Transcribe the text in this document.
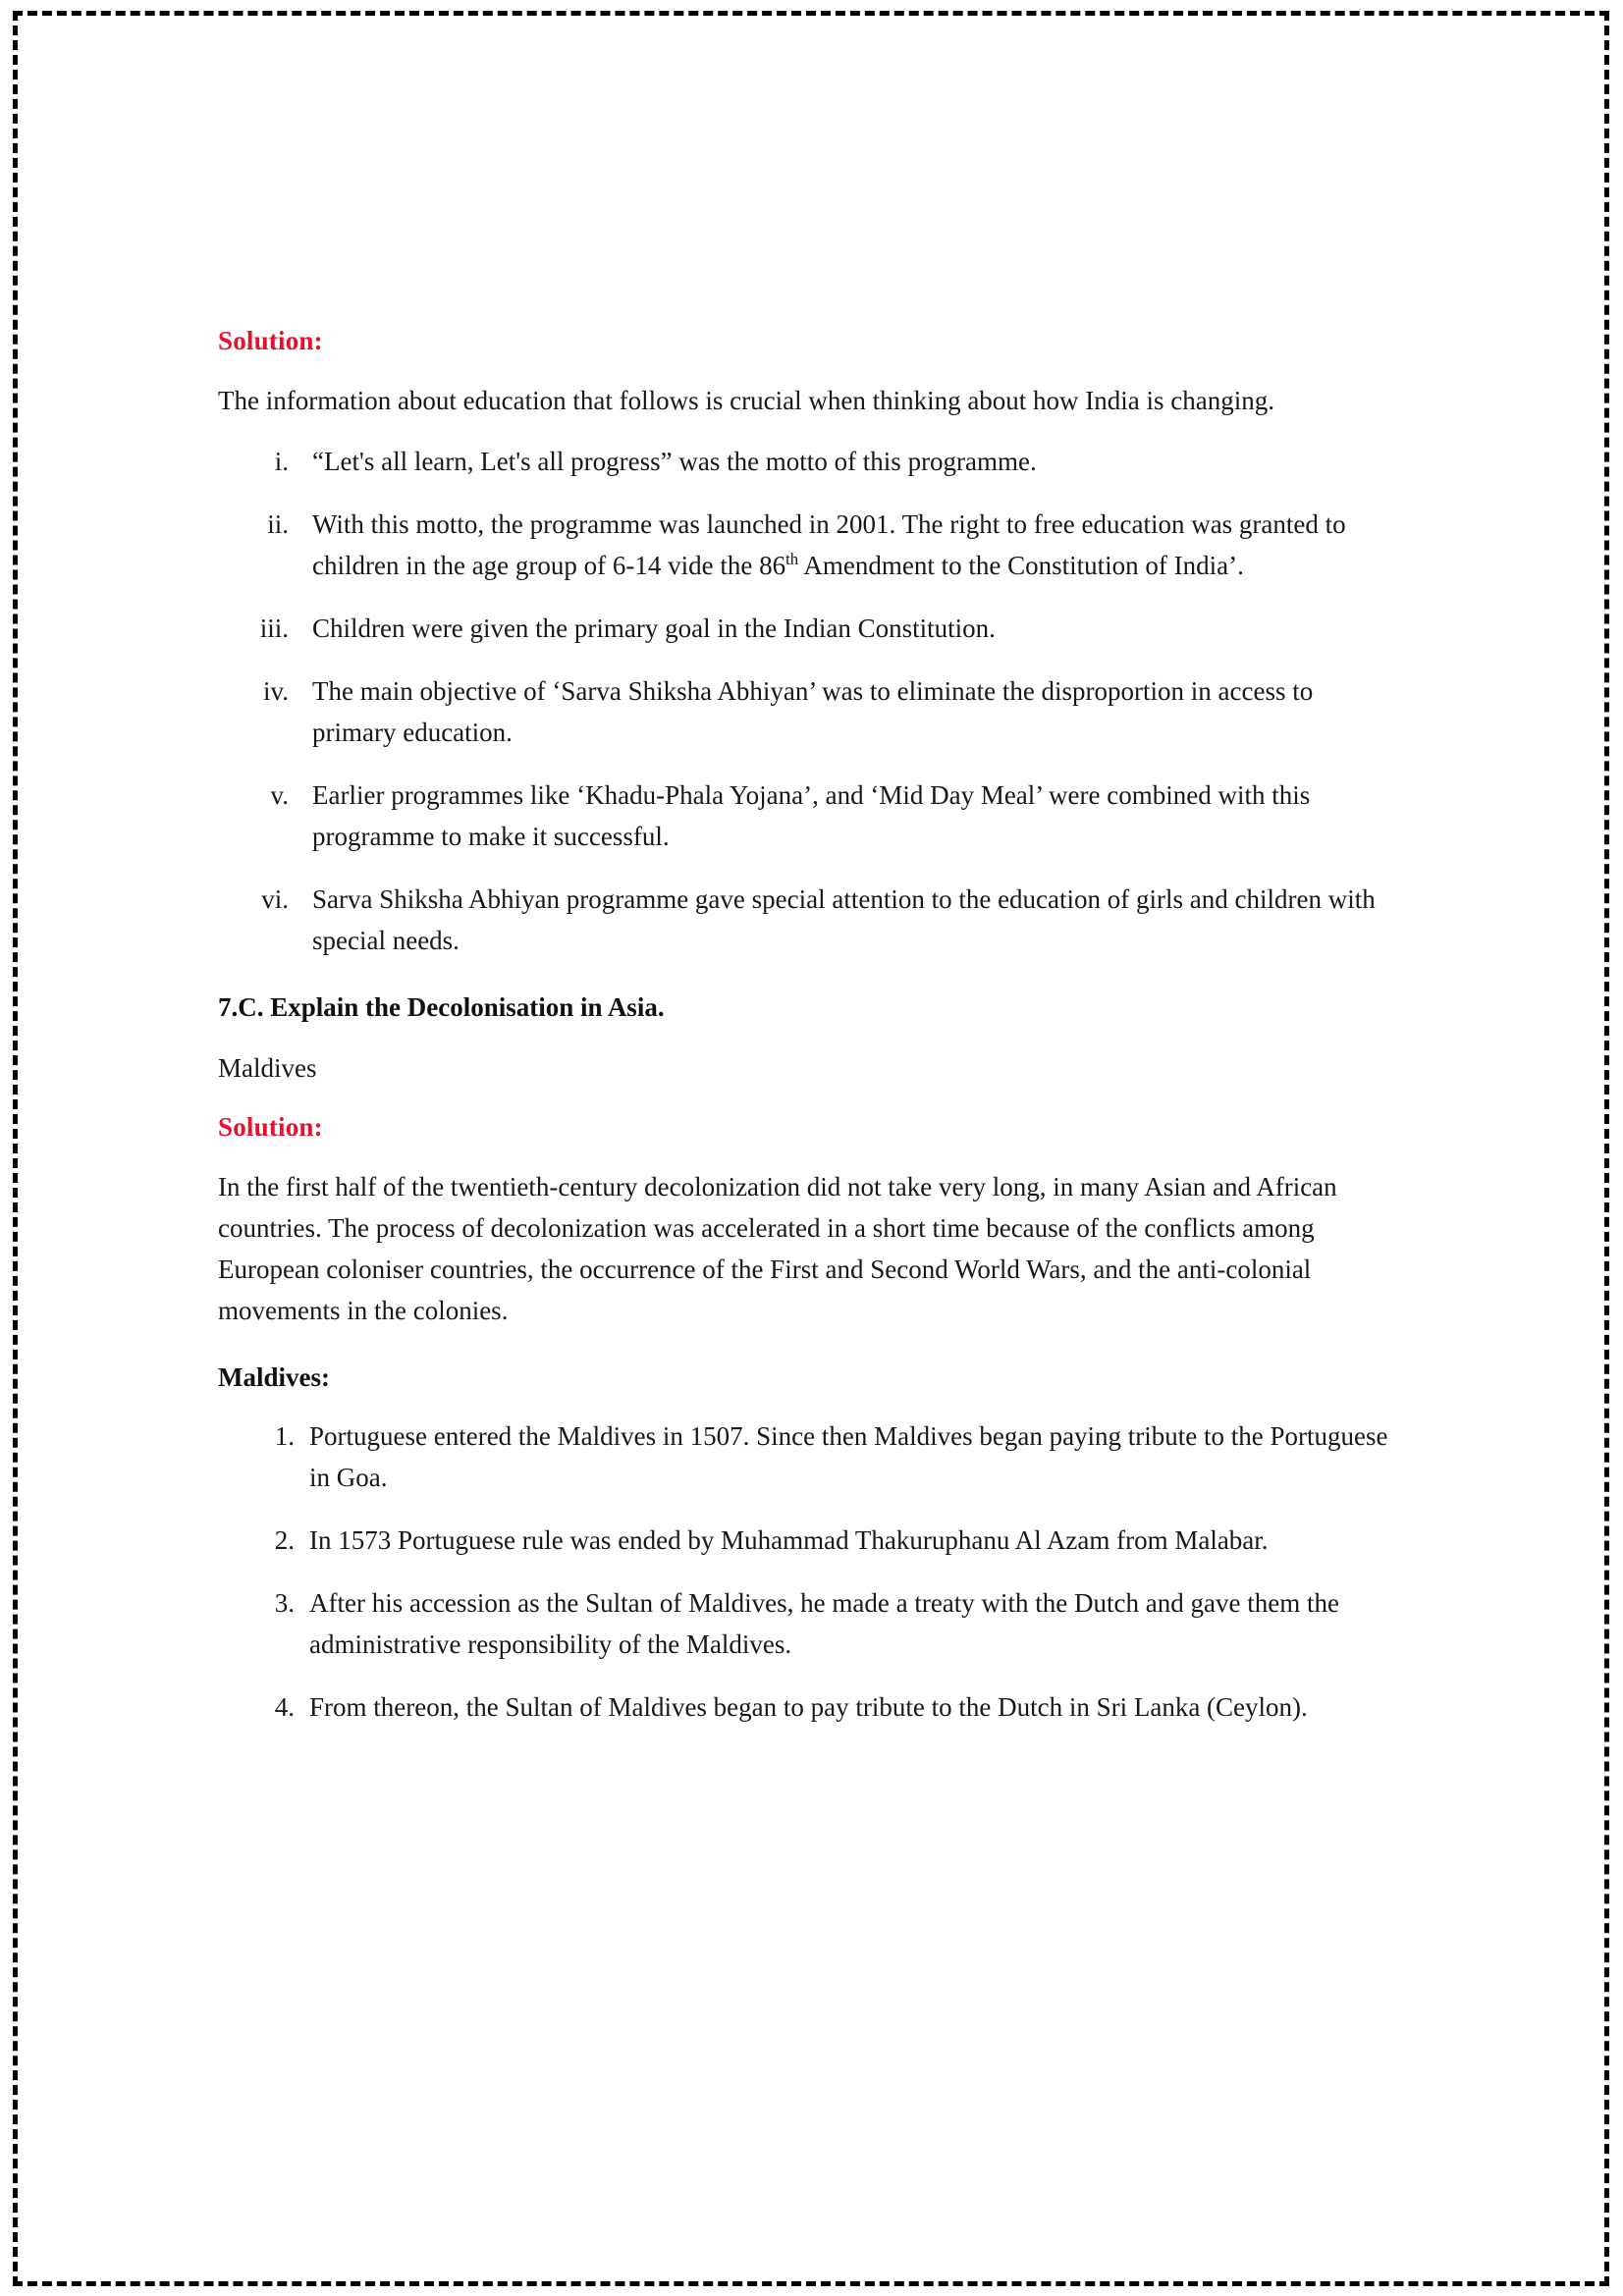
Solution:

The information about education that follows is crucial when thinking about how India is changing.

i. “Let's all learn, Let's all progress” was the motto of this programme.
ii. With this motto, the programme was launched in 2001. The right to free education was granted to children in the age group of 6-14 vide the 86th Amendment to the Constitution of India’.
iii. Children were given the primary goal in the Indian Constitution.
iv. The main objective of ‘Sarva Shiksha Abhiyan’ was to eliminate the disproportion in access to primary education.
v. Earlier programmes like ‘Khadu-Phala Yojana’, and ‘Mid Day Meal’ were combined with this programme to make it successful.
vi. Sarva Shiksha Abhiyan programme gave special attention to the education of girls and children with special needs.

7.C. Explain the Decolonisation in Asia.

Maldives

Solution:

In the first half of the twentieth-century decolonization did not take very long, in many Asian and African countries. The process of decolonization was accelerated in a short time because of the conflicts among European coloniser countries, the occurrence of the First and Second World Wars, and the anti-colonial movements in the colonies.

Maldives:

1. Portuguese entered the Maldives in 1507. Since then Maldives began paying tribute to the Portuguese in Goa.
2. In 1573 Portuguese rule was ended by Muhammad Thakuruphanu Al Azam from Malabar.
3. After his accession as the Sultan of Maldives, he made a treaty with the Dutch and gave them the administrative responsibility of the Maldives.
4. From thereon, the Sultan of Maldives began to pay tribute to the Dutch in Sri Lanka (Ceylon).
